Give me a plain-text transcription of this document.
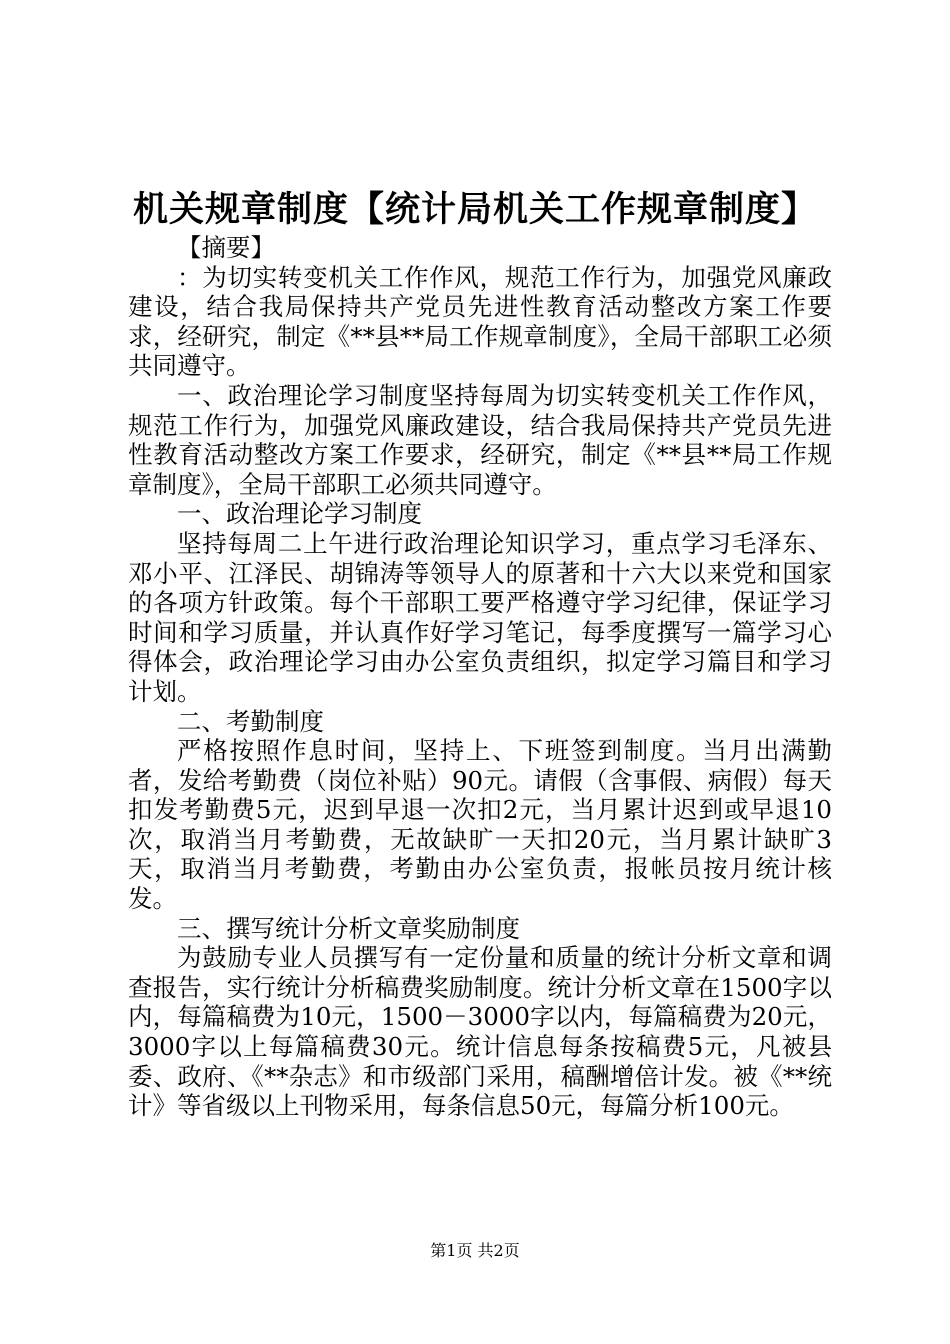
机关规章制度【统计局机关工作规章制度】

【摘要】

：为切实转变机关工作作风，规范工作行为，加强党风廉政建设，结合我局保持共产党员先进性教育活动整改方案工作要求，经研究，制定《**县**局工作规章制度》，全局干部职工必须共同遵守。

一、政治理论学习制度坚持每周为切实转变机关工作作风，规范工作行为，加强党风廉政建设，结合我局保持共产党员先进性教育活动整改方案工作要求，经研究，制定《**县**局工作规章制度》，全局干部职工必须共同遵守。

一、政治理论学习制度

坚持每周二上午进行政治理论知识学习，重点学习毛泽东、邓小平、江泽民、胡锦涛等领导人的原著和十六大以来党和国家的各项方针政策。每个干部职工要严格遵守学习纪律，保证学习时间和学习质量，并认真作好学习笔记，每季度撰写一篇学习心得体会，政治理论学习由办公室负责组织，拟定学习篇目和学习计划。

二、考勤制度

严格按照作息时间，坚持上、下班签到制度。当月出满勤者，发给考勤费（岗位补贴）90元。请假（含事假、病假）每天扣发考勤费5元，迟到早退一次扣2元，当月累计迟到或早退10次，取消当月考勤费，无故缺旷一天扣20元，当月累计缺旷3天，取消当月考勤费，考勤由办公室负责，报帐员按月统计核发。

三、撰写统计分析文章奖励制度

为鼓励专业人员撰写有一定份量和质量的统计分析文章和调查报告，实行统计分析稿费奖励制度。统计分析文章在1500字以内，每篇稿费为10元，1500－3000字以内，每篇稿费为20元，3000字以上每篇稿费30元。统计信息每条按稿费5元，凡被县委、政府、《**杂志》和市级部门采用，稿酬增倍计发。被《**统计》等省级以上刊物采用，每条信息50元，每篇分析100元。

第1页 共2页
